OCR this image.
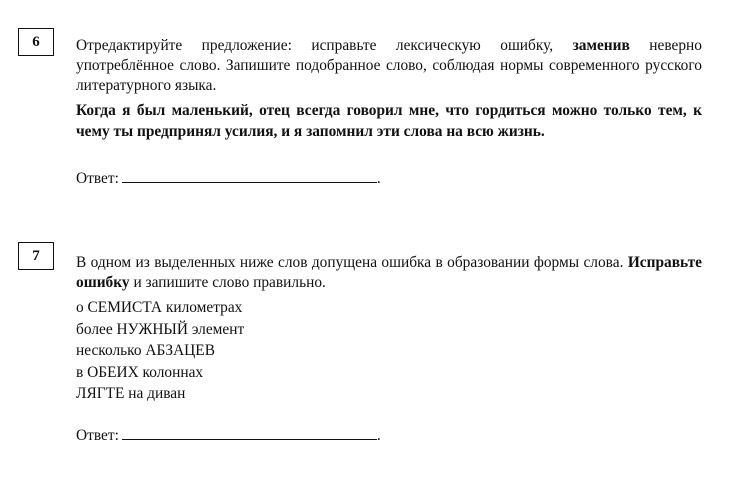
6	Отредактируйте предложение: исправьте лексическую ошибку, заменив неверно употреблённое слово. Запишите подобранное слово, соблюдая нормы современного русского литературного языка.

Когда я был маленький, отец всегда говорил мне, что гордиться можно только тем, к чему ты предпринял усилия, и я запомнил эти слова на всю жизнь.

Ответ:	.

7	В одном из выделенных ниже слов допущена ошибка в образовании формы слова. Исправьте ошибку и запишите слово правильно.

о СЕМИСТА километрах
более НУЖНЫЙ элемент
несколько АБЗАЦЕВ
в ОБЕИХ колоннах
ЛЯГТЕ на диван

Ответ:	.
